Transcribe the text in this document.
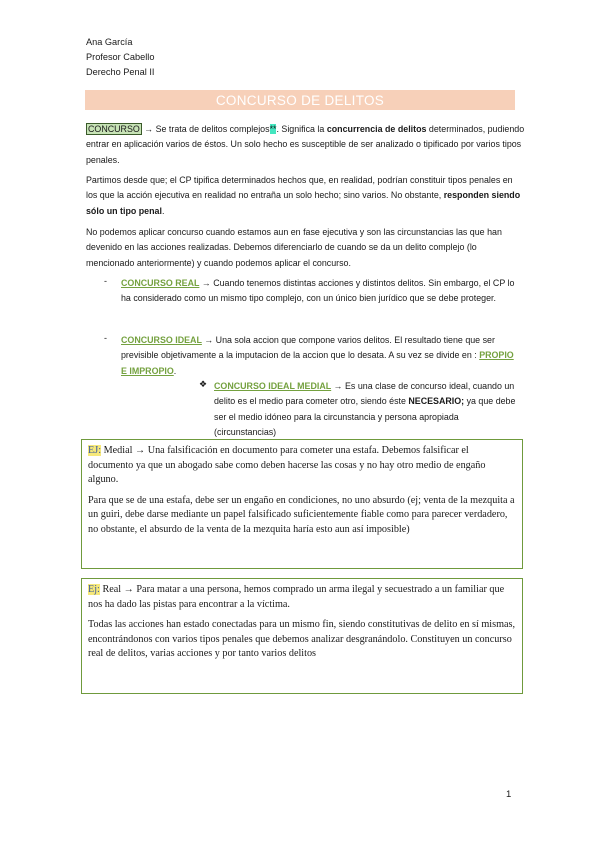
Ana García
Profesor Cabello
Derecho Penal II
CONCURSO DE DELITOS
CONCURSO → Se trata de delitos complejos**. Significa la concurrencia de delitos determinados, pudiendo entrar en aplicación varios de éstos. Un solo hecho es susceptible de ser analizado o tipificado por varios tipos penales.
Partimos desde que; el CP tipifica determinados hechos que, en realidad, podrían constituir tipos penales en los que la acción ejecutiva en realidad no entraña un solo hecho; sino varios. No obstante, responden siendo sólo un tipo penal.
No podemos aplicar concurso cuando estamos aun en fase ejecutiva y son las circunstancias las que han devenido en las acciones realizadas. Debemos diferenciarlo de cuando se da un delito complejo (lo mencionado anteriormente) y cuando podemos aplicar el concurso.
- CONCURSO REAL → Cuando tenemos distintas acciones y distintos delitos. Sin embargo, el CP lo ha considerado como un mismo tipo complejo, con un único bien jurídico que se debe proteger.
- CONCURSO IDEAL → Una sola accion que compone varios delitos. El resultado tiene que ser previsible objetivamente a la imputacion de la accion que lo desata. A su vez se divide en : PROPIO E IMPROPIO.
❖ CONCURSO IDEAL MEDIAL → Es una clase de concurso ideal, cuando un delito es el medio para cometer otro, siendo éste NECESARIO; ya que debe ser el medio idóneo para la circunstancia y persona apropiada (circunstancias)
EJ: Medial → Una falsificación en documento para cometer una estafa. Debemos falsificar el documento ya que un abogado sabe como deben hacerse las cosas y no hay otro medio de engaño alguno.
Para que se de una estafa, debe ser un engaño en condiciones, no uno absurdo (ej; venta de la mezquita a un guiri, debe darse mediante un papel falsificado suficientemente fiable como para parecer verdadero, no obstante, el absurdo de la venta de la mezquita haría esto aun así imposible)
Ej: Real → Para matar a una persona, hemos comprado un arma ilegal y secuestrado a un familiar que nos ha dado las pistas para encontrar a la víctima.
Todas las acciones han estado conectadas para un mismo fin, siendo constitutivas de delito en sí mismas, encontrándonos con varios tipos penales que debemos analizar desgranándolo. Constituyen un concurso real de delitos, varias acciones y por tanto varios delitos
1
